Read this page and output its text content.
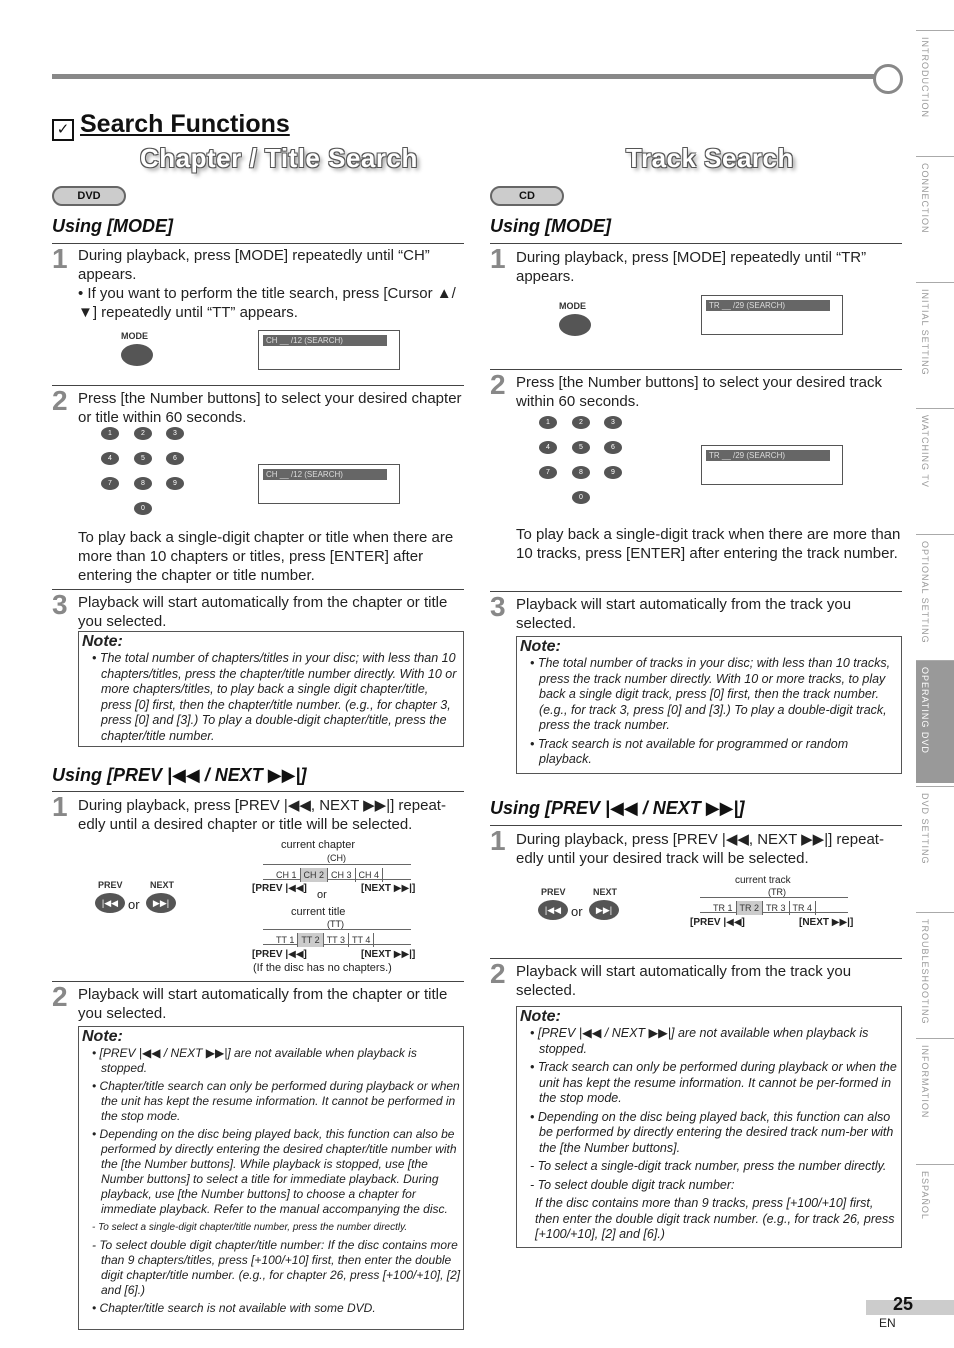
INTRODUCTION
CONNECTION
INITIAL SETTING
WATCHING TV
OPTIONAL SETTING
OPERATING DVD
DVD SETTING
TROUBLESHOOTING
INFORMATION
ESPAÑOL
✓ Search Functions
Chapter / Title Search
DVD
Using [MODE]
1 During playback, press [MODE] repeatedly until “CH” appears.
• If you want to perform the title search, press [Cursor ▲/ ▼] repeatedly until “TT” appears.
MODE	CH __ /12 (SEARCH)
2 Press [the Number buttons] to select your desired chapter or title within 60 seconds.
1	2	3
4	5	6
7	8	9
0
CH __ /12 (SEARCH)
To play back a single-digit chapter or title when there are more than 10 chapters or titles, press [ENTER] after entering the chapter or title number.
3 Playback will start automatically from the chapter or title you selected.
Note:

• The total number of chapters/titles in your disc; with less than 10 chapters/titles, press the chapter/title number directly. With 10 or more chapters/titles, to play back a single digit chapter/title, press [0] first, then the chapter/title number. (e.g., for chapter 3, press [0] and [3].) To play a double-digit chapter/title, press the chapter/title number.

Using [PREV |◀◀ / NEXT ▶▶|]
1 During playback, press [PREV |◀◀, NEXT ▶▶|] repeat-edly until a desired chapter or title will be selected.
PREV	NEXT
|◀◀ or	▶▶|
current chapter
(CH)
CH 1 CH 2 CH 3 CH 4
[PREV |◀◀]	[NEXT ▶▶|]
or
current title
(TT)
TT 1 TT 2 TT 3 TT 4
[PREV |◀◀]	[NEXT ▶▶|]
(If the disc has no chapters.)
2 Playback will start automatically from the chapter or title you selected.
Note:

• [PREV |◀◀ / NEXT ▶▶|] are not available when playback is stopped.

• Chapter/title search can only be performed during playback or when the unit has kept the resume information. It cannot be performed in the stop mode.

• Depending on the disc being played back, this function can also be performed by directly entering the desired chapter/title number with the [the Number buttons]. While playback is stopped, use [the Number buttons] to select a title for immediate playback. During playback, use [the Number buttons] to choose a chapter for immediate playback. Refer to the manual accompanying the disc.

- To select a single-digit chapter/title number, press the number directly.

- To select double digit chapter/title number: If the disc contains more than 9 chapters/titles, press [+100/+10] first, then enter the double digit chapter/title number. (e.g., for chapter 26, press [+100/+10], [2] and [6].)

• Chapter/title search is not available with some DVD.

Track Search
CD
Using [MODE]
1 During playback, press [MODE] repeatedly until “TR” appears.
MODE	TR __ /29 (SEARCH)
2 Press [the Number buttons] to select your desired track within 60 seconds.
1	2	3
4	5	6
7	8	9
0
TR __ /29 (SEARCH)
To play back a single-digit track when there are more than 10 tracks, press [ENTER] after entering the track number.
3 Playback will start automatically from the track you selected.
Note:

• The total number of tracks in your disc; with less than 10 tracks, press the track number directly. With 10 or more tracks, to play back a single digit track, press [0] first, then the track number. (e.g., for track 3, press [0] and [3].) To play a double-digit track, press the track number.

• Track search is not available for programmed or random playback.

Using [PREV |◀◀ / NEXT ▶▶|]
1 During playback, press [PREV |◀◀, NEXT ▶▶|] repeat-edly until your desired track will be selected.
PREV	NEXT
|◀◀ or	▶▶|
current track
(TR)
TR 1 TR 2 TR 3 TR 4
[PREV |◀◀]	[NEXT ▶▶|]
2 Playback will start automatically from the track you selected.
Note:

• [PREV |◀◀ / NEXT ▶▶|] are not available when playback is stopped.

• Track search can only be performed during playback or when the unit has kept the resume information. It cannot be per-formed in the stop mode.

• Depending on the disc being played back, this function can also be performed by directly entering the desired track num-ber with the [the Number buttons].

- To select a single-digit track number, press the number directly.

- To select double digit track number:

If the disc contains more than 9 tracks, press [+100/+10] first, then enter the double digit track number. (e.g., for track 26, press [+100/+10], [2] and [6].)

25
EN
